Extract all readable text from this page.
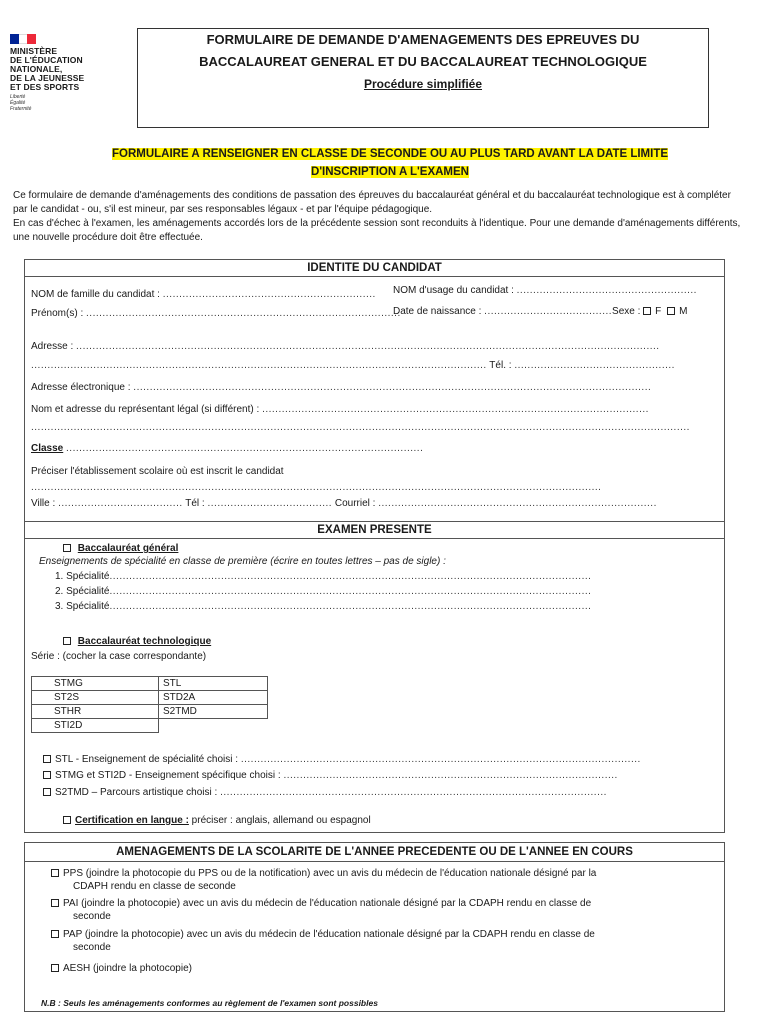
MINISTÈRE
DE L'ÉDUCATION
NATIONALE,
DE LA JEUNESSE
ET DES SPORTS
Liberté
Égalité
Fraternité
FORMULAIRE DE DEMANDE D'AMENAGEMENTS DES EPREUVES DU
BACCALAUREAT GENERAL ET DU BACCALAUREAT TECHNOLOGIQUE
Procédure simplifiée
FORMULAIRE A RENSEIGNER EN CLASSE DE SECONDE OU AU PLUS TARD AVANT LA DATE LIMITE
D'INSCRIPTION A L'EXAMEN
Ce formulaire de demande d'aménagements des conditions de passation des épreuves du baccalauréat général et du baccalauréat technologique est à compléter par le candidat - ou, s'il est mineur, par ses responsables légaux - et par l'équipe pédagogique.
En cas d'échec à l'examen, les aménagements accordés lors de la précédente session sont reconduits à l'identique. Pour une demande d'aménagements différents, une nouvelle procédure doit être effectuée.
IDENTITE DU CANDIDAT
NOM de famille du candidat : ................................................................. NOM d'usage du candidat : .......................................................
Prénom(s) : ................................................................................................
Date de naissance : .......................................Sexe : F M
Adresse : ..................................................................................................................................................................................
........................................................................................................................................... Tél. : .................................................
Adresse électronique : ..............................................................................................................................................................
Nom et adresse du représentant légal (si différent) : ......................................................................................................................
.........................................................................................................................................................................................................
Classe .............................................................................................................
Préciser l'établissement scolaire où est inscrit le candidat
..............................................................................................................................................................................
Ville : ...................................... Tél : ...................................... Courriel : .....................................................................................
EXAMEN PRESENTE
Baccalauréat général
Enseignements de spécialité en classe de première (écrire en toutes lettres – pas de sigle) :
1. Spécialité...................................................................................................................................................
2. Spécialité...................................................................................................................................................
3. Spécialité...................................................................................................................................................
Baccalauréat technologique
Série : (cocher la case correspondante)
STMG	STL
ST2S	STD2A
STHR	S2TMD
STI2D	
STL - Enseignement de spécialité choisi : ..........................................................................................................................
STMG et STI2D - Enseignement spécifique choisi : ......................................................................................................
S2TMD – Parcours artistique choisi : ......................................................................................................................
Certification en langue : préciser : anglais, allemand ou espagnol
AMENAGEMENTS DE LA SCOLARITE DE L'ANNEE PRECEDENTE OU DE L'ANNEE EN COURS
PPS (joindre la photocopie du PPS ou de la notification) avec un avis du médecin de l'éducation nationale désigné par la
CDAPH rendu en classe de seconde
PAI (joindre la photocopie) avec un avis du médecin de l'éducation nationale désigné par la CDAPH rendu en classe de
seconde
PAP (joindre la photocopie) avec un avis du médecin de l'éducation nationale désigné par la CDAPH rendu en classe de
seconde
AESH (joindre la photocopie)
N.B : Seuls les aménagements conformes au règlement de l'examen sont possibles
